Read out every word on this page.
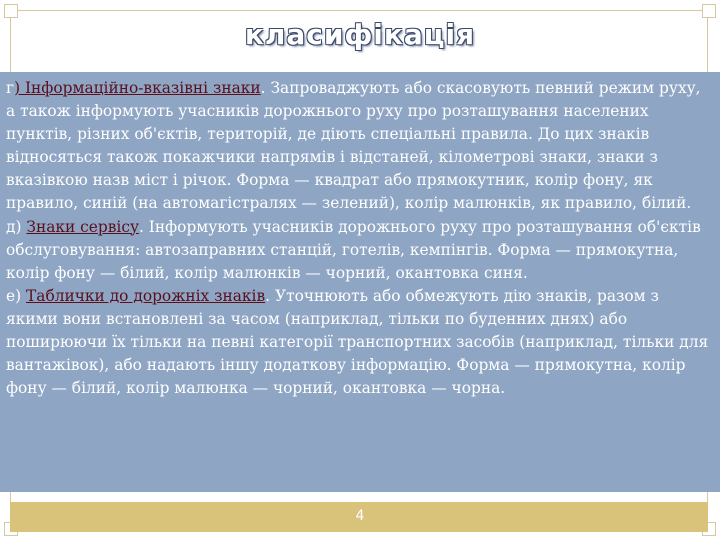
класифікація

г) Інформаційно-вказівні знаки. Запроваджують або скасовують певний режим руху, а також інформують учасників дорожнього руху про розташування населених пунктів, різних об'єктів, територій, де діють спеціальні правила. До цих знаків відносяться також покажчики напрямів і відстаней, кілометрові знаки, знаки з вказівкою назв міст і річок. Форма — квадрат або прямокутник, колір фону, як правило, синій (на автомагістралях — зелений), колір малюнків, як правило, білий.

д) Знаки сервісу. Інформують учасників дорожнього руху про розташування об'єктів обслуговування: автозаправних станцій, готелів, кемпінгів. Форма — прямокутна, колір фону — білий, колір малюнків — чорний, окантовка синя.

е) Таблички до дорожніх знаків. Уточнюють або обмежують дію знаків, разом з якими вони встановлені за часом (наприклад, тільки по буденних днях) або поширюючи їх тільки на певні категорії транспортних засобів (наприклад, тільки для вантажівок), або надають іншу додаткову інформацію. Форма — прямокутна, колір фону — білий, колір малюнка — чорний, окантовка — чорна.

4
